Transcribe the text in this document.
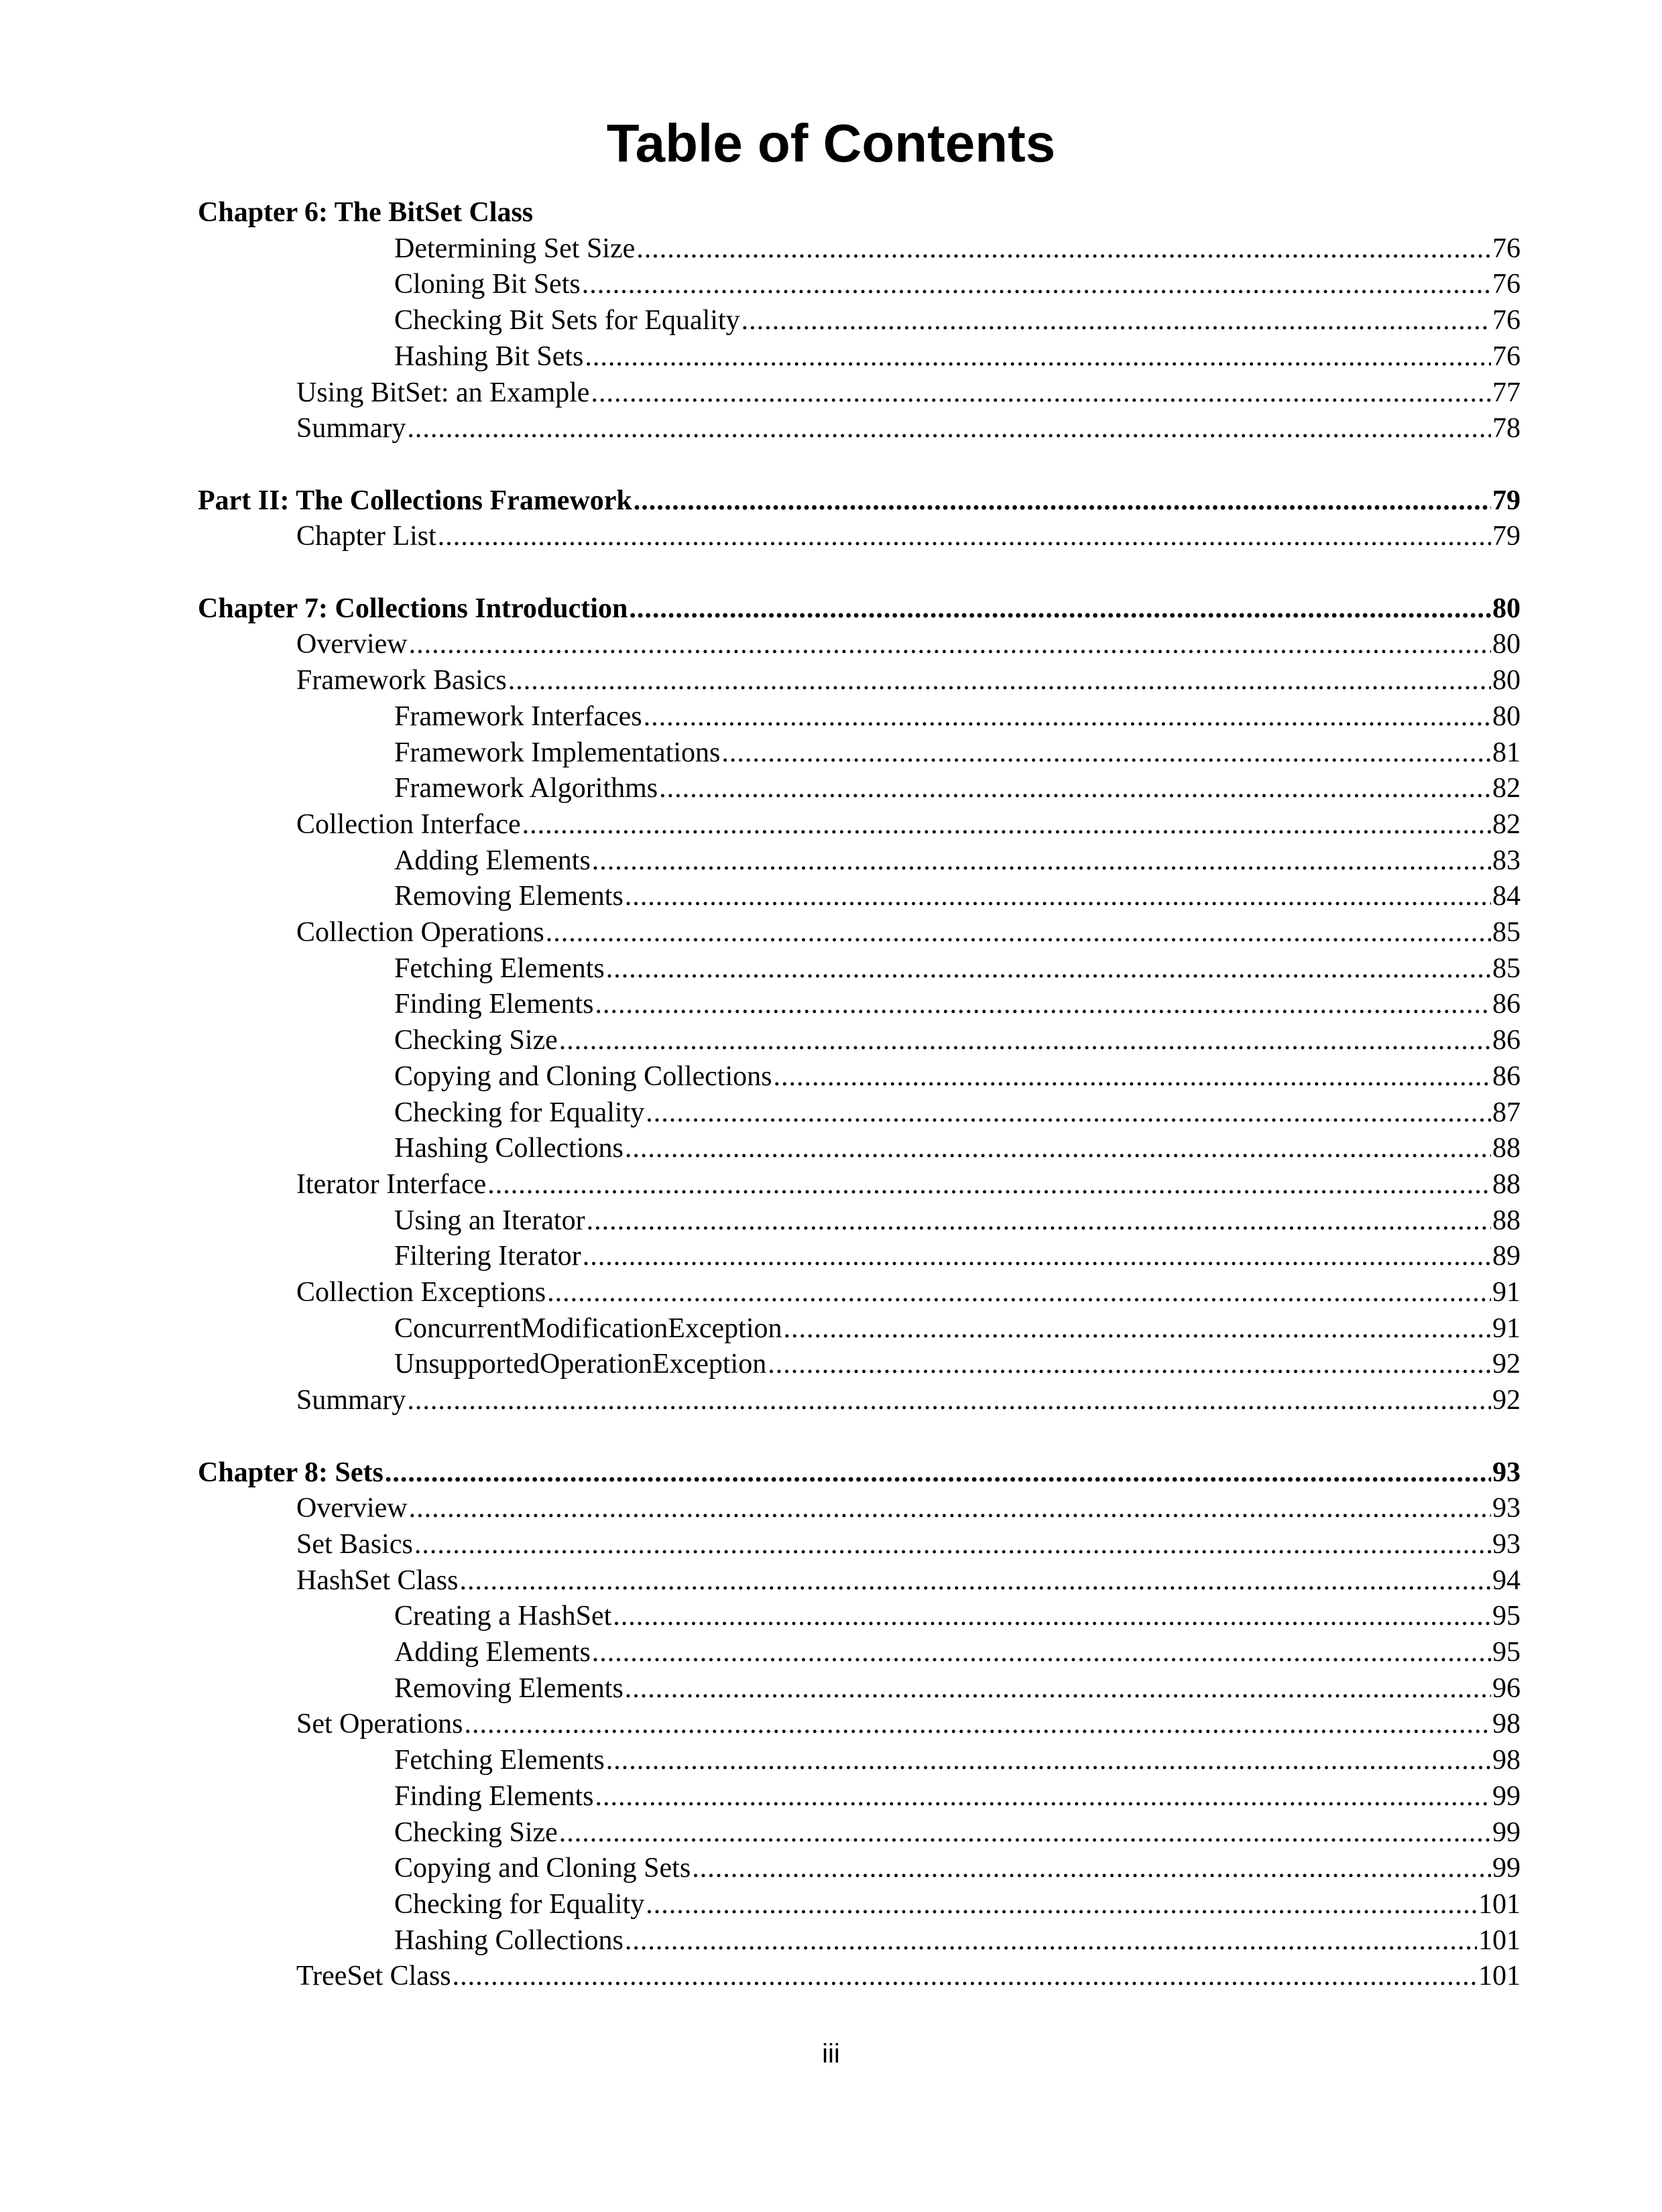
Table of Contents
Chapter 6: The BitSet Class
Determining Set Size .....	76
Cloning Bit Sets .....	76
Checking Bit Sets for Equality .....	76
Hashing Bit Sets .....	76
Using BitSet: an Example .....	77
Summary .....	78
Part II: The Collections Framework .....	79
Chapter List .....	79
Chapter 7: Collections Introduction .....	80
Overview .....	80
Framework Basics .....	80
Framework Interfaces .....	80
Framework Implementations .....	81
Framework Algorithms .....	82
Collection Interface .....	82
Adding Elements .....	83
Removing Elements .....	84
Collection Operations .....	85
Fetching Elements .....	85
Finding Elements .....	86
Checking Size .....	86
Copying and Cloning Collections .....	86
Checking for Equality .....	87
Hashing Collections .....	88
Iterator Interface .....	88
Using an Iterator .....	88
Filtering Iterator .....	89
Collection Exceptions .....	91
ConcurrentModificationException .....	91
UnsupportedOperationException .....	92
Summary .....	92
Chapter 8: Sets .....	93
Overview .....	93
Set Basics .....	93
HashSet Class .....	94
Creating a HashSet .....	95
Adding Elements .....	95
Removing Elements .....	96
Set Operations .....	98
Fetching Elements .....	98
Finding Elements .....	99
Checking Size .....	99
Copying and Cloning Sets .....	99
Checking for Equality .....	101
Hashing Collections .....	101
TreeSet Class .....	101
iii
